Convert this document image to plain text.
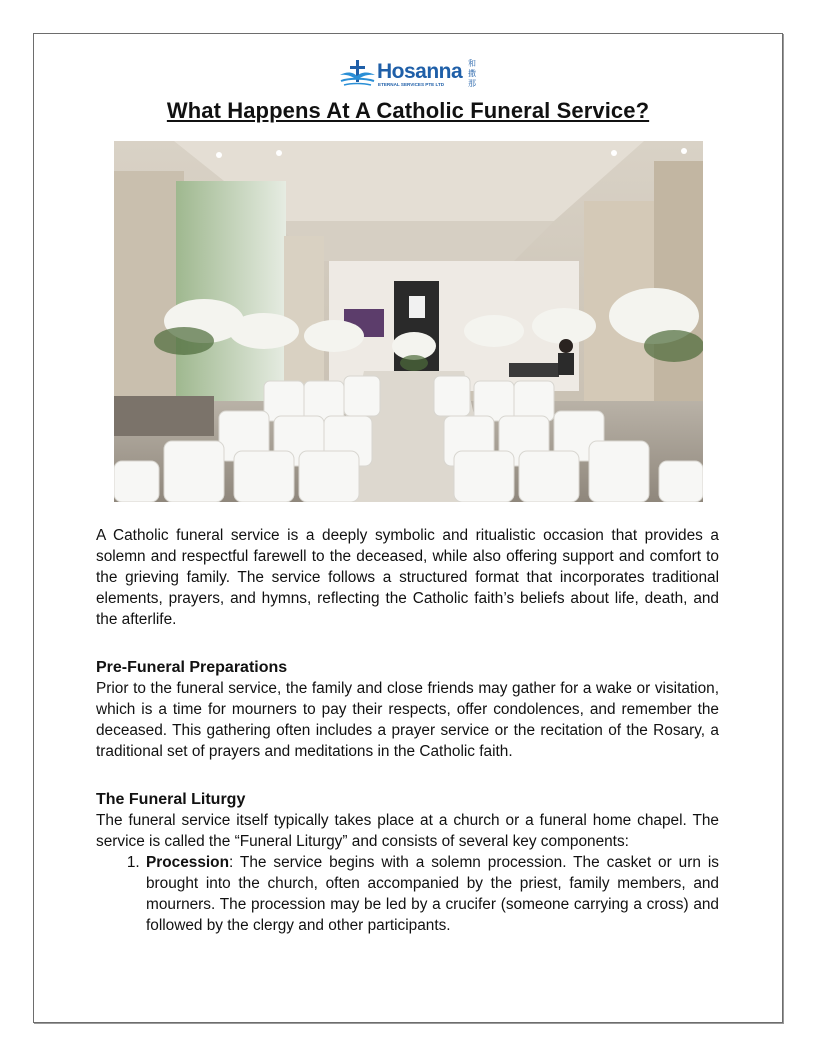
Hosanna
ETERNAL SERVICES PTE LTD
和
撒
那
What Happens At A Catholic Funeral Service?

A Catholic funeral service is a deeply symbolic and ritualistic occasion that provides a solemn and respectful farewell to the deceased, while also offering support and comfort to the grieving family. The service follows a structured format that incorporates traditional elements, prayers, and hymns, reflecting the Catholic faith’s beliefs about life, death, and the afterlife.

Pre-Funeral Preparations

Prior to the funeral service, the family and close friends may gather for a wake or visitation, which is a time for mourners to pay their respects, offer condolences, and remember the deceased. This gathering often includes a prayer service or the recitation of the Rosary, a traditional set of prayers and meditations in the Catholic faith.

The Funeral Liturgy

The funeral service itself typically takes place at a church or a funeral home chapel. The service is called the “Funeral Liturgy” and consists of several key components:

1. Procession: The service begins with a solemn procession. The casket or urn is brought into the church, often accompanied by the priest, family members, and mourners. The procession may be led by a crucifer (someone carrying a cross) and followed by the clergy and other participants.
